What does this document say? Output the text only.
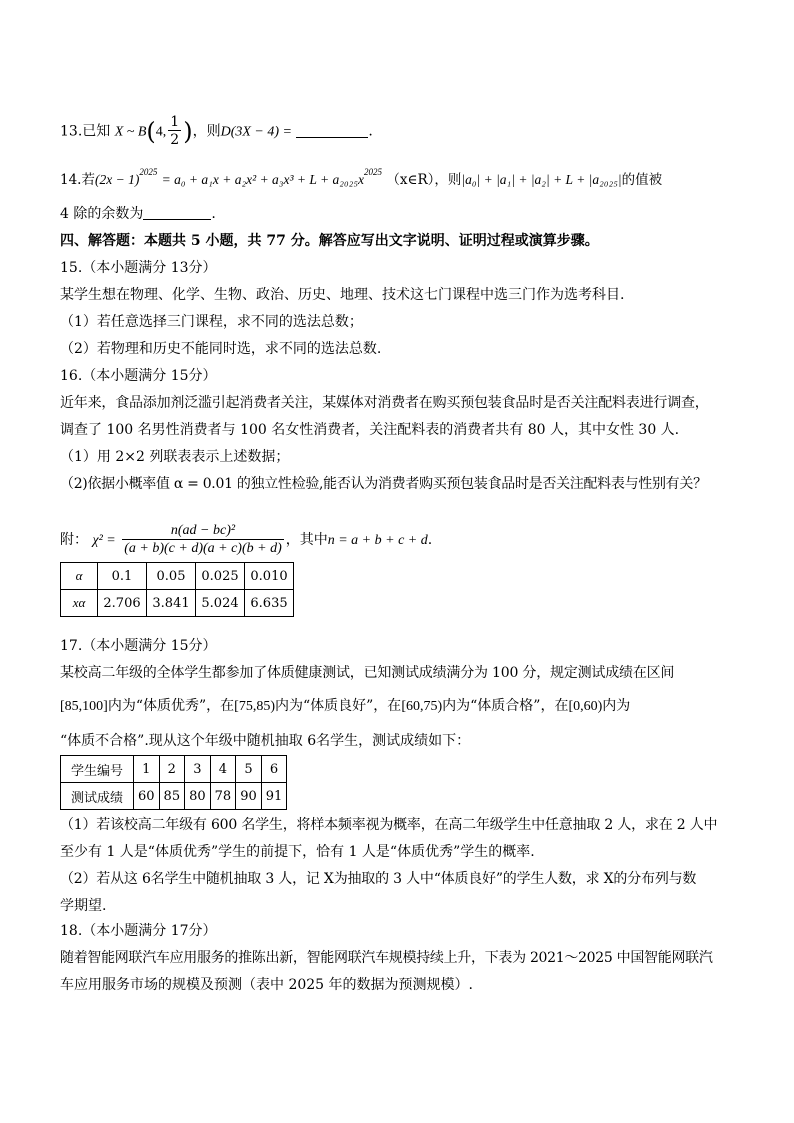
13.已知 X ~ B(4, $\frac{1}{2}$ )，则D(3X − 4) =	.
14.若$(2x - 1)^{2025} = a_0 + a_1x + a_2x^2 + a_3x^3 + L + a_{2025}x^{2025}$ （x∈R），则|a₀| + |a₁| + |a₂| + L + |a₂₀₂₅|的值被
4 除的余数为	.
四、解答题：本题共 5 小题，共 77 分。解答应写出文字说明、证明过程或演算步骤。
15.（本小题满分 13分）
某学生想在物理、化学、生物、政治、历史、地理、技术这七门课程中选三门作为选考科目.
（1）若任意选择三门课程，求不同的选法总数；
（2）若物理和历史不能同时选，求不同的选法总数.
16.（本小题满分 15分）
近年来，食品添加剂泛滥引起消费者关注，某媒体对消费者在购买预包装食品时是否关注配料表进行调查，
调查了 100 名男性消费者与 100 名女性消费者，关注配料表的消费者共有 80 人，其中女性 30 人.
（1）用 2×2 列联表表示上述数据；
（2)依据小概率值 α = 0.01 的独立性检验,能否认为消费者购买预包装食品时是否关注配料表与性别有关？
附： $\chi^2 = \frac{\text{n(ad − bc)²}}{(a + b)(c + d)(a + c)(b + d)}$ ，其中n = a + b + c + d.
α	0.1	0.05	0.025	0.010
xα	2.706	3.841	5.024	6.635
17.（本小题满分 15分）
某校高二年级的全体学生都参加了体质健康测试，已知测试成绩满分为 100 分，规定测试成绩在区间
[85,100]内为“体质优秀”，在[75,85)内为“体质良好”，在[60,75)内为“体质合格”，在[0,60)内为
“体质不合格”.现从这个年级中随机抽取 6名学生，测试成绩如下：
学生编号	1	2	3	4	5	6
测试成绩	60	85	80	78	90	91
（1）若该校高二年级有 600 名学生，将样本频率视为概率，在高二年级学生中任意抽取 2 人，求在 2 人中
至少有 1 人是“体质优秀”学生的前提下，恰有 1 人是“体质优秀”学生的概率.
（2）若从这 6名学生中随机抽取 3 人，记 X为抽取的 3 人中“体质良好”的学生人数，求 X的分布列与数
学期望.
18.（本小题满分 17分）
随着智能网联汽车应用服务的推陈出新，智能网联汽车规模持续上升，下表为 2021～2025 中国智能网联汽
车应用服务市场的规模及预测（表中 2025 年的数据为预测规模）.
